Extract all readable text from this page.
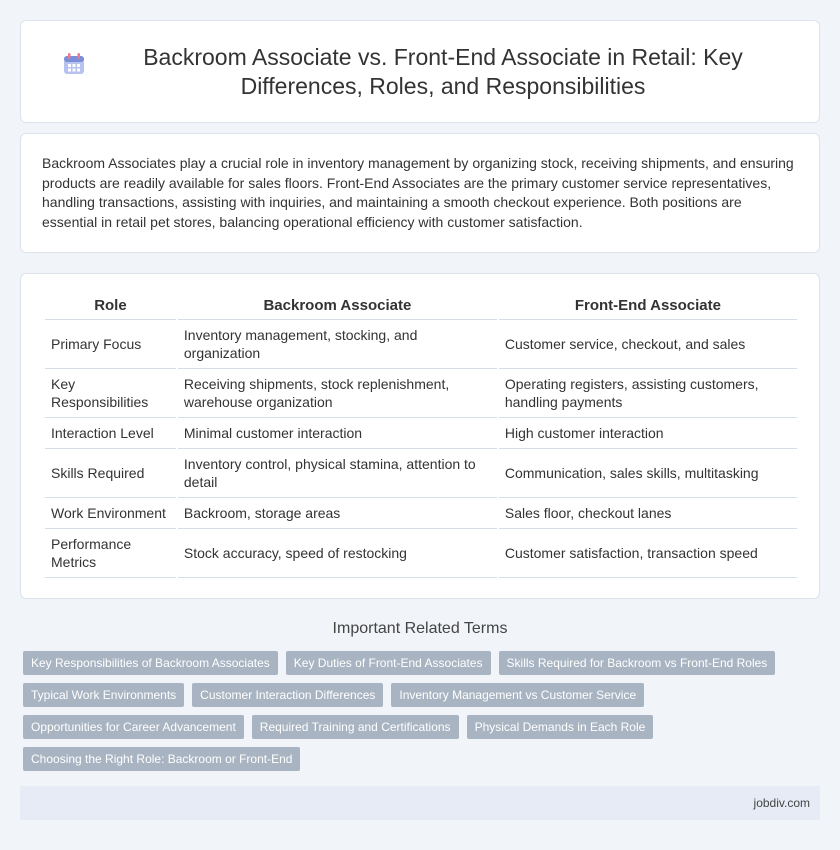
Backroom Associate vs. Front-End Associate in Retail: Key Differences, Roles, and Responsibilities

Backroom Associates play a crucial role in inventory management by organizing stock, receiving shipments, and ensuring products are readily available for sales floors. Front-End Associates are the primary customer service representatives, handling transactions, assisting with inquiries, and maintaining a smooth checkout experience. Both positions are essential in retail pet stores, balancing operational efficiency with customer satisfaction.

Role	Backroom Associate	Front-End Associate
Primary Focus	Inventory management, stocking, and organization	Customer service, checkout, and sales
Key Responsibilities	Receiving shipments, stock replenishment, warehouse organization	Operating registers, assisting customers, handling payments
Interaction Level	Minimal customer interaction	High customer interaction
Skills Required	Inventory control, physical stamina, attention to detail	Communication, sales skills, multitasking
Work Environment	Backroom, storage areas	Sales floor, checkout lanes
Performance Metrics	Stock accuracy, speed of restocking	Customer satisfaction, transaction speed
Important Related Terms
Key Responsibilities of Backroom Associates	Key Duties of Front-End Associates	Skills Required for Backroom vs Front-End Roles
Typical Work Environments	Customer Interaction Differences	Inventory Management vs Customer Service
Opportunities for Career Advancement	Required Training and Certifications	Physical Demands in Each Role
Choosing the Right Role: Backroom or Front-End
jobdiv.com
